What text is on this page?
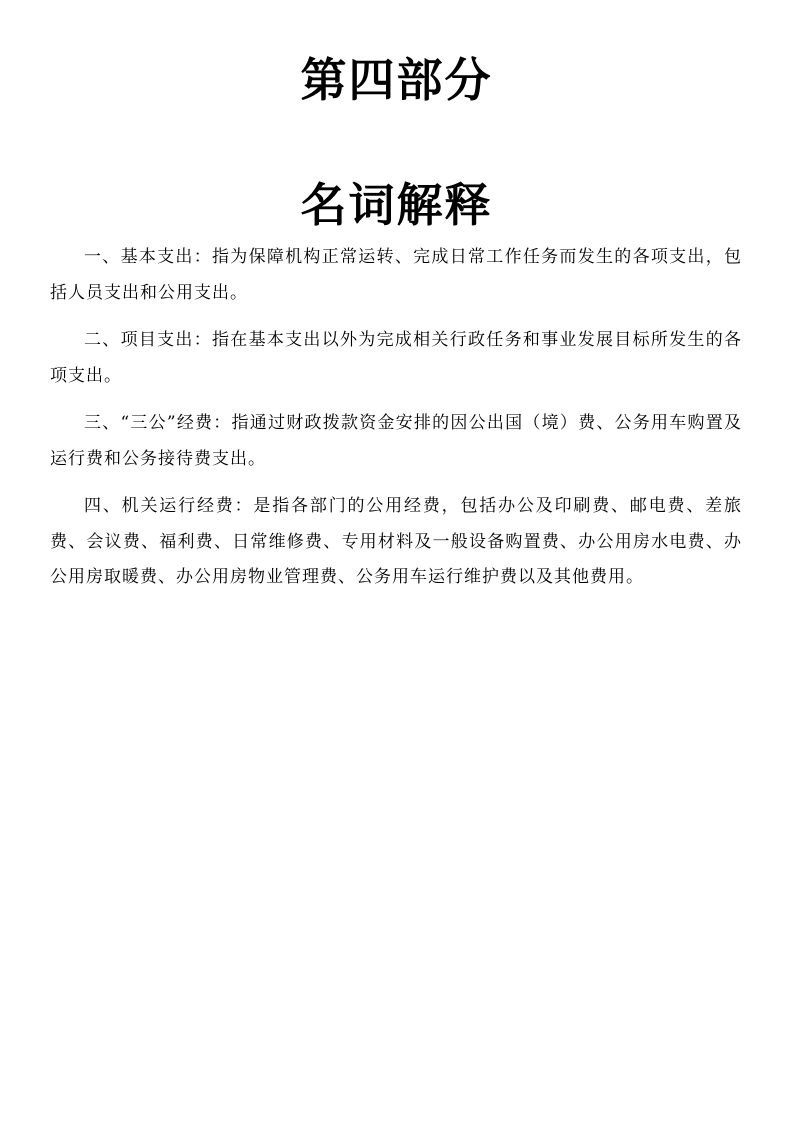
第四部分
名词解释

一、基本支出：指为保障机构正常运转、完成日常工作任务而发生的各项支出，包括人员支出和公用支出。

二、项目支出：指在基本支出以外为完成相关行政任务和事业发展目标所发生的各项支出。

三、“三公”经费：指通过财政拨款资金安排的因公出国（境）费、公务用车购置及运行费和公务接待费支出。

四、机关运行经费：是指各部门的公用经费，包括办公及印刷费、邮电费、差旅费、会议费、福利费、日常维修费、专用材料及一般设备购置费、办公用房水电费、办公用房取暖费、办公用房物业管理费、公务用车运行维护费以及其他费用。
